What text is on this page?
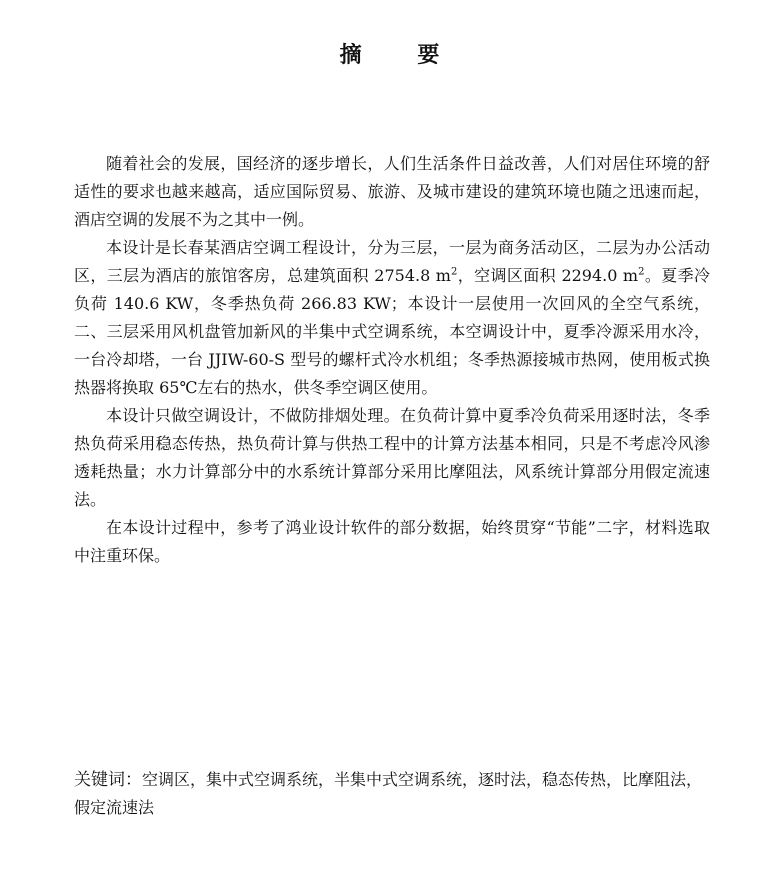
摘 要

随着社会的发展，国经济的逐步增长，人们生活条件日益改善，人们对居住环境的舒适性的要求也越来越高，适应国际贸易、旅游、及城市建设的建筑环境也随之迅速而起，酒店空调的发展不为之其中一例。

本设计是长春某酒店空调工程设计，分为三层，一层为商务活动区，二层为办公活动区，三层为酒店的旅馆客房，总建筑面积 2754.8 $m^2$，空调区面积 2294.0 $m^2$。夏季冷负荷 140.6 KW，冬季热负荷 266.83 KW；本设计一层使用一次回风的全空气系统，二、三层采用风机盘管加新风的半集中式空调系统，本空调设计中，夏季冷源采用水冷，一台冷却塔，一台 JJIW-60-S 型号的螺杆式冷水机组；冬季热源接城市热网，使用板式换热器将换取 65℃左右的热水，供冬季空调区使用。

本设计只做空调设计，不做防排烟处理。在负荷计算中夏季冷负荷采用逐时法，冬季热负荷采用稳态传热，热负荷计算与供热工程中的计算方法基本相同，只是不考虑冷风渗透耗热量；水力计算部分中的水系统计算部分采用比摩阻法，风系统计算部分用假定流速法。

在本设计过程中，参考了鸿业设计软件的部分数据，始终贯穿“节能”二字，材料选取中注重环保。

关键词：空调区，集中式空调系统，半集中式空调系统，逐时法，稳态传热，比摩阻法，假定流速法
